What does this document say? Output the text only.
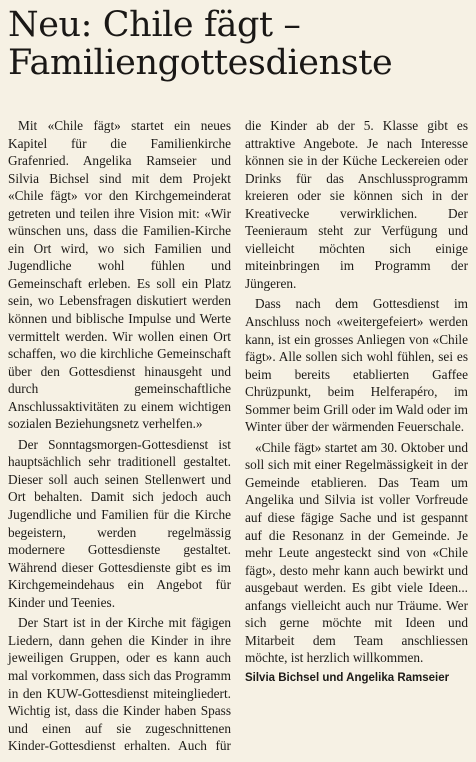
Neu: Chile fägt –
Familiengottesdienste

Mit «Chile fägt» startet ein neues Kapitel für die Familienkirche Grafenried. Angelika Ramseier und Silvia Bichsel sind mit dem Projekt «Chile fägt» vor den Kirchgemeinderat getreten und teilen ihre Vision mit: «Wir wünschen uns, dass die Familien-Kirche ein Ort wird, wo sich Familien und Jugendliche wohl fühlen und Gemeinschaft erleben. Es soll ein Platz sein, wo Lebensfragen diskutiert werden können und biblische Impulse und Werte vermittelt werden. Wir wollen einen Ort schaffen, wo die kirchliche Gemeinschaft über den Gottesdienst hinausgeht und durch gemeinschaftliche Anschlussaktivitäten zu einem wichtigen sozialen Beziehungsnetz verhelfen.»

Der Sonntagsmorgen-Gottesdienst ist hauptsächlich sehr traditionell gestaltet. Dieser soll auch seinen Stellenwert und Ort behalten. Damit sich jedoch auch Jugendliche und Familien für die Kirche begeistern, werden regelmässig modernere Gottesdienste gestaltet. Während dieser Gottesdienste gibt es im Kirchgemeindehaus ein Angebot für Kinder und Teenies.

Der Start ist in der Kirche mit fägigen Liedern, dann gehen die Kinder in ihre jeweiligen Gruppen, oder es kann auch mal vorkommen, dass sich das Programm in den KUW-Gottesdienst miteingliedert. Wichtig ist, dass die Kinder haben Spass und einen auf sie zugeschnittenen Kinder-Gottesdienst erhalten. Auch für die Kinder ab der 5. Klasse gibt es attraktive Angebote. Je nach Interesse können sie in der Küche Leckereien oder Drinks für das Anschlussprogramm kreieren oder sie können sich in der Kreativecke verwirklichen. Der Teenieraum steht zur Verfügung und vielleicht möchten sich einige miteinbringen im Programm der Jüngeren.

Dass nach dem Gottesdienst im Anschluss noch «weitergefeiert» werden kann, ist ein grosses Anliegen von «Chile fägt». Alle sollen sich wohl fühlen, sei es beim bereits etablierten Gaffee Chrüzpunkt, beim Helferapéro, im Sommer beim Grill oder im Wald oder im Winter über der wärmenden Feuerschale.

«Chile fägt» startet am 30. Oktober und soll sich mit einer Regelmässigkeit in der Gemeinde etablieren. Das Team um Angelika und Silvia ist voller Vorfreude auf diese fägige Sache und ist gespannt auf die Resonanz in der Gemeinde. Je mehr Leute angesteckt sind von «Chile fägt», desto mehr kann auch bewirkt und ausgebaut werden. Es gibt viele Ideen... anfangs vielleicht auch nur Träume. Wer sich gerne möchte mit Ideen und Mitarbeit dem Team anschliessen möchte, ist herzlich willkommen.

Silvia Bichsel und Angelika Ramseier
